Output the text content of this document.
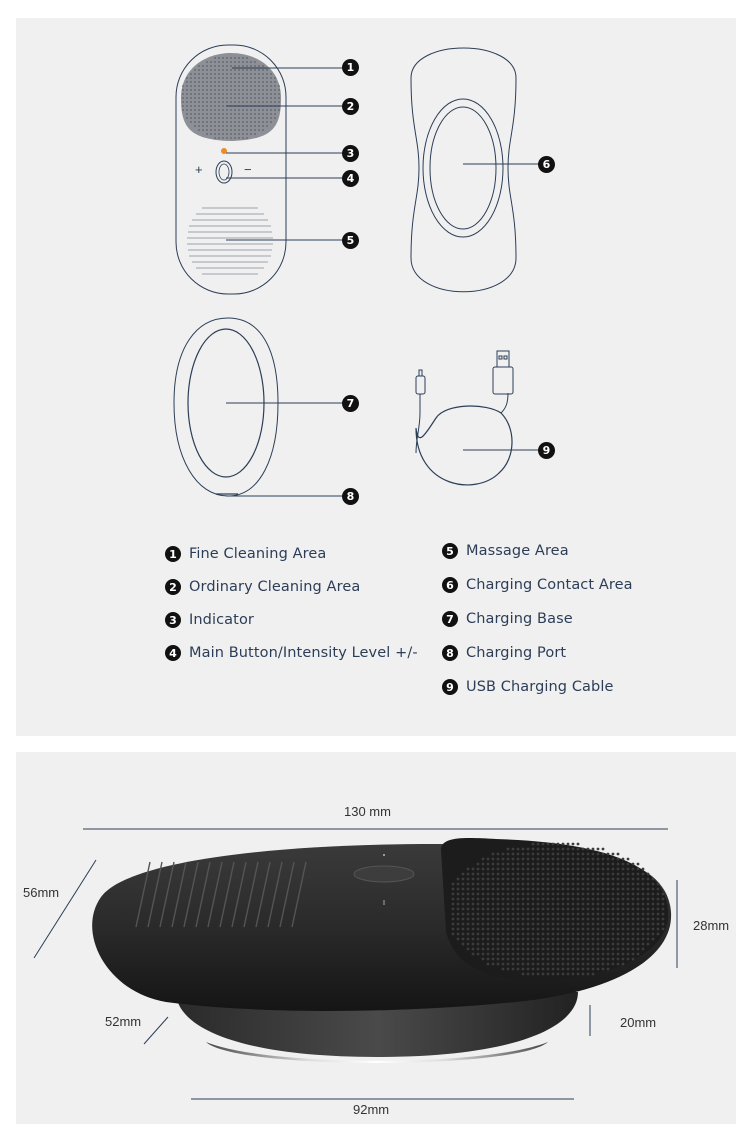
+	−
1
2
3
4
5
6
7
8
9
1 Fine Cleaning Area
2 Ordinary Cleaning Area
3 Indicator
4 Main Button/Intensity Level +/-
5 Massage Area
6 Charging Contact Area
7 Charging Base
8 Charging Port
9 USB Charging Cable
130 mm
56mm
28mm
52mm	20mm
92mm
